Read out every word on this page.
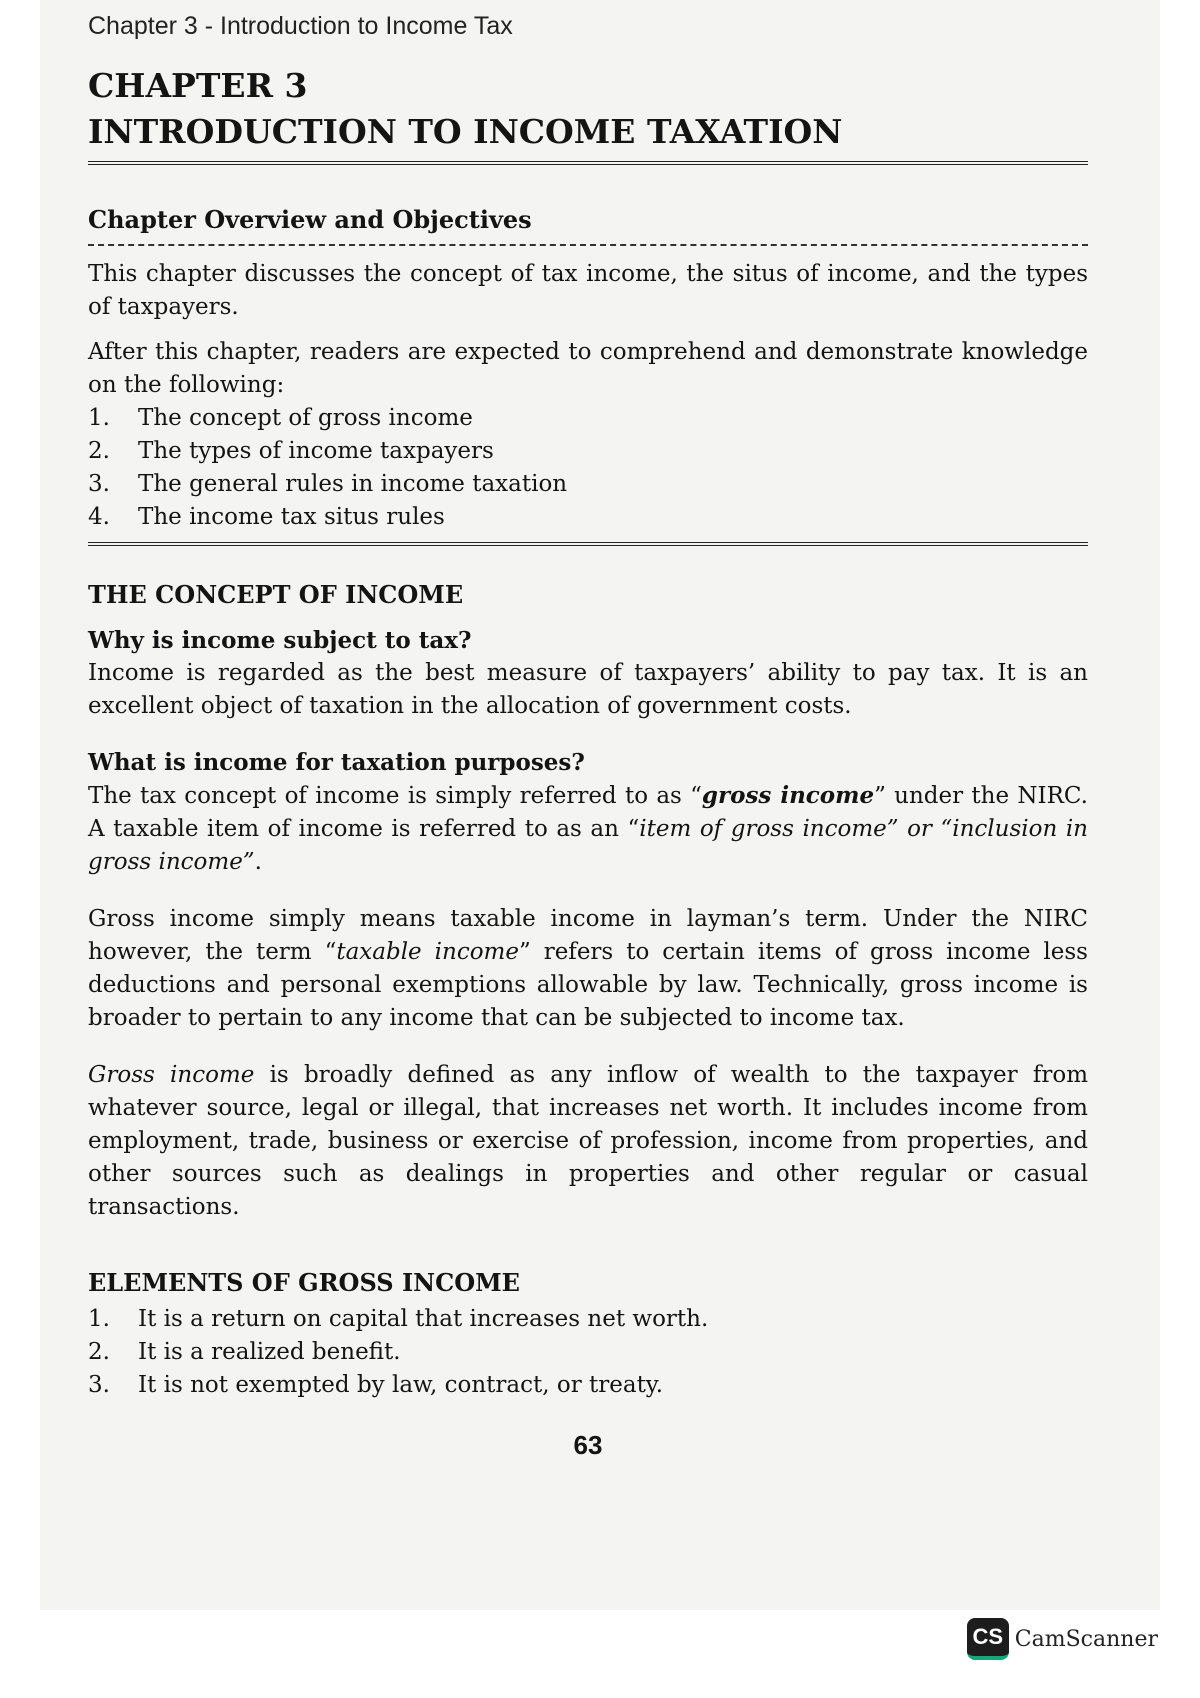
Chapter 3 - Introduction to Income Tax
CHAPTER 3
INTRODUCTION TO INCOME TAXATION
Chapter Overview and Objectives

This chapter discusses the concept of tax income, the situs of income, and the types of taxpayers.

After this chapter, readers are expected to comprehend and demonstrate knowledge on the following:

1.	The concept of gross income
2.	The types of income taxpayers
3.	The general rules in income taxation
4.	The income tax situs rules
THE CONCEPT OF INCOME
Why is income subject to tax?

Income is regarded as the best measure of taxpayers’ ability to pay tax. It is an excellent object of taxation in the allocation of government costs.

What is income for taxation purposes?

The tax concept of income is simply referred to as “gross income” under the NIRC. A taxable item of income is referred to as an “item of gross income” or “inclusion in gross income”.

Gross income simply means taxable income in layman’s term. Under the NIRC however, the term “taxable income” refers to certain items of gross income less deductions and personal exemptions allowable by law. Technically, gross income is broader to pertain to any income that can be subjected to income tax.

Gross income is broadly defined as any inflow of wealth to the taxpayer from whatever source, legal or illegal, that increases net worth. It includes income from employment, trade, business or exercise of profession, income from properties, and other sources such as dealings in properties and other regular or casual transactions.

ELEMENTS OF GROSS INCOME
1.	It is a return on capital that increases net worth.
2.	It is a realized benefit.
3.	It is not exempted by law, contract, or treaty.
63
CS CamScanner
